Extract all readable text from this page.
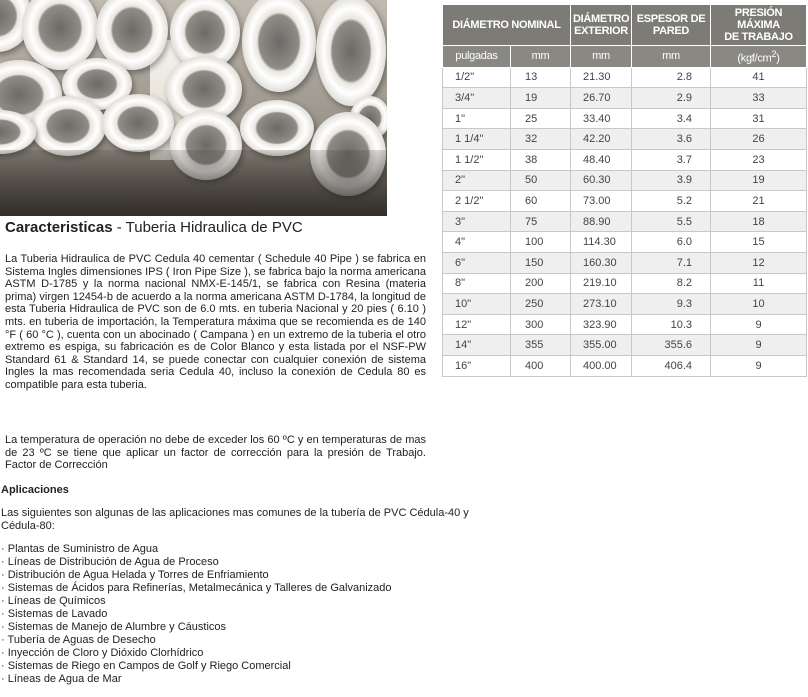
DIÁMETRO NOMINAL		DIÁMETRO EXTERIOR	ESPESOR DE PARED	PRESIÓN MÁXIMA
DE TRABAJO
pulgadas	mm	mm	mm	$(kgf/cm^2)$
1/2"	13	21.30	2.8	41
3/4"	19	26.70	2.9	33
1"	25	33.40	3.4	31
1 1/4"	32	42.20	3.6	26
1 1/2"	38	48.40	3.7	23
2"	50	60.30	3.9	19
2 1/2"	60	73.00	5.2	21
3"	75	88.90	5.5	18
4"	100	114.30	6.0	15
6"	150	160.30	7.1	12
8"	200	219.10	8.2	11
10"	250	273.10	9.3	10
12"	300	323.90	10.3	9
14"	355	355.00	355.6	9
16"	400	400.00	406.4	9
Caracteristicas - Tuberia Hidraulica de PVC

La Tuberia Hidraulica de PVC Cedula 40 cementar ( Schedule 40 Pipe ) se fabrica en Sistema Ingles dimensiones IPS ( Iron Pipe Size ), se fabrica bajo la norma americana ASTM D-1785 y la norma nacional NMX-E-145/1, se fabrica con Resina (materia prima) virgen 12454-b de acuerdo a la norma americana ASTM D-1784, la longitud de esta Tuberia Hidraulica de PVC son de 6.0 mts. en tuberia Nacional y 20 pies ( 6.10 ) mts. en tuberia de importación, la Temperatura máxima que se recomienda es de 140 °F ( 60 °C ), cuenta con un abocinado ( Campana ) en un extremo de la tuberia el otro extremo es espiga, su fabricación es de Color Blanco y esta listada por el NSF-PW Standard 61 & Standard 14, se puede conectar con cualquier conexión de sistema Ingles la mas recomendada seria Cedula 40, incluso la conexión de Cedula 80 es compatible para esta tuberia.

La temperatura de operación no debe de exceder los 60 ºC y en temperaturas de mas de 23 ºC se tiene que aplicar un factor de corrección para la presión de Trabajo. Factor de Corrección

Aplicaciones

Las siguientes son algunas de las aplicaciones mas comunes de la tubería de PVC Cédula-40 y Cédula-80:

· Plantas de Suministro de Agua
· Líneas de Distribución de Agua de Proceso
· Distribución de Agua Helada y Torres de Enfriamiento
· Sistemas de Ácidos para Refinerías, Metalmecánica y Talleres de Galvanizado
· Líneas de Químicos
· Sistemas de Lavado
· Sistemas de Manejo de Alumbre y Cáusticos
· Tubería de Aguas de Desecho
· Inyección de Cloro y Dióxido Clorhídrico
· Sistemas de Riego en Campos de Golf y Riego Comercial
· Líneas de Agua de Mar
